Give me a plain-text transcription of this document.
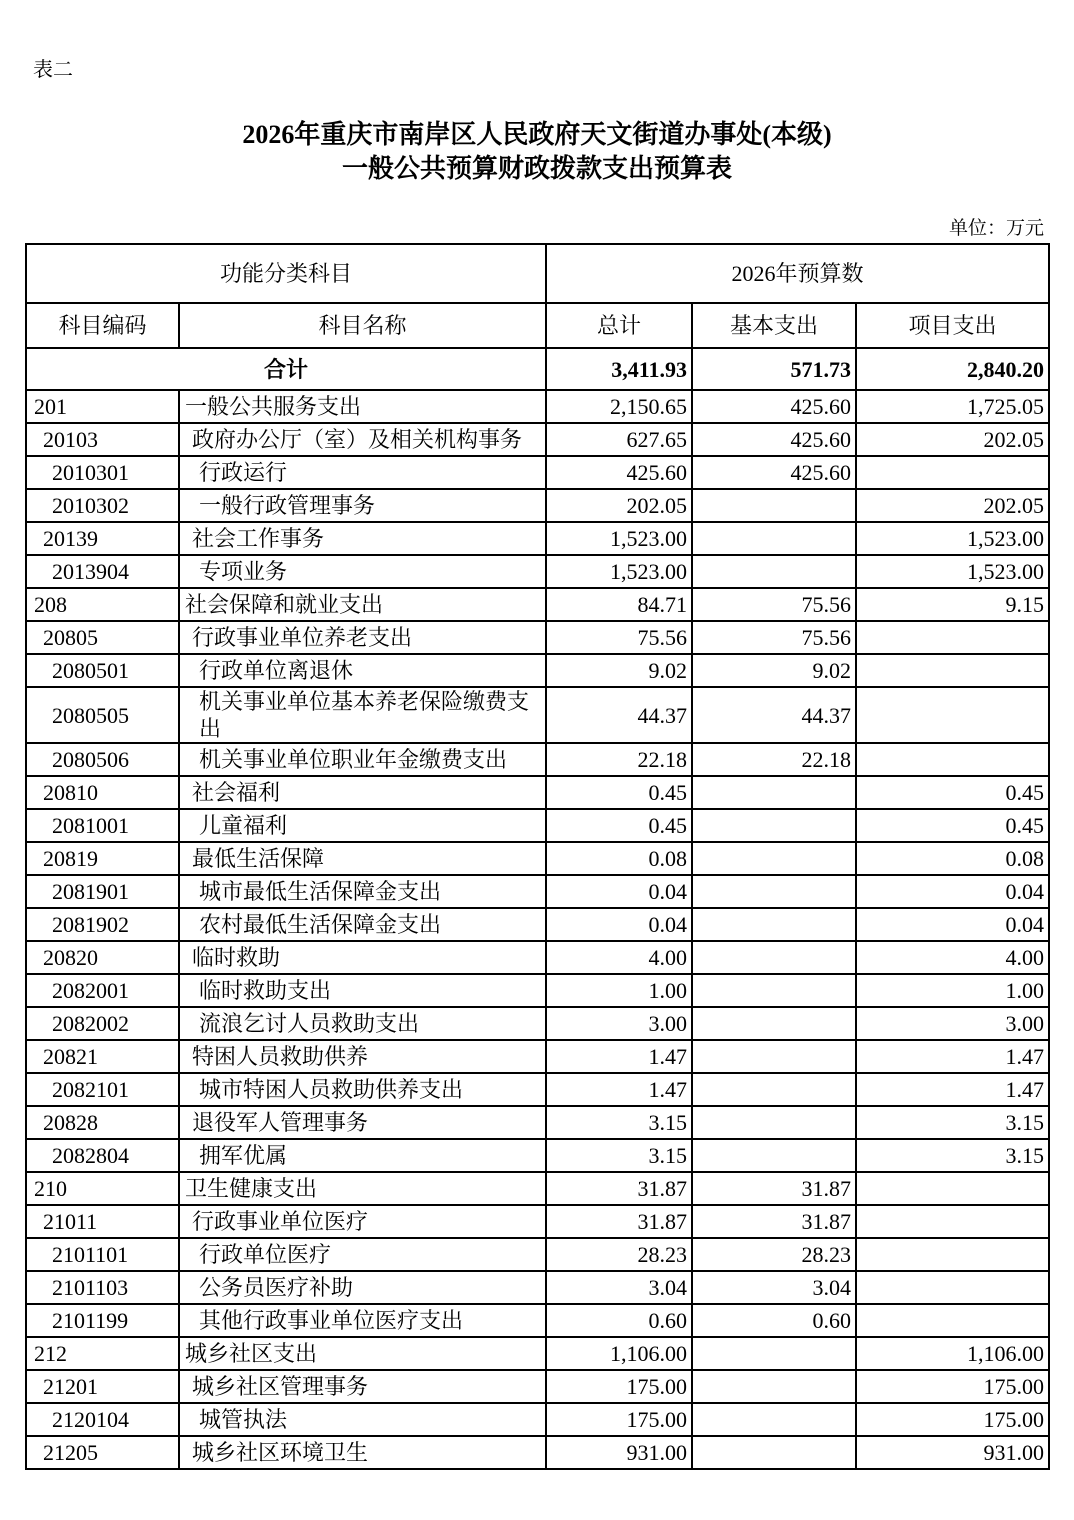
表二
2026年重庆市南岸区人民政府天文街道办事处(本级)
一般公共预算财政拨款支出预算表
单位：万元
功能分类科目		2026年预算数		
科目编码	科目名称	总计	基本支出	项目支出
合计		3,411.93	571.73	2,840.20
201	一般公共服务支出	2,150.65	425.60	1,725.05
20103	政府办公厅（室）及相关机构事务	627.65	425.60	202.05
2010301	行政运行	425.60	425.60	
2010302	一般行政管理事务	202.05		202.05
20139	社会工作事务	1,523.00		1,523.00
2013904	专项业务	1,523.00		1,523.00
208	社会保障和就业支出	84.71	75.56	9.15
20805	行政事业单位养老支出	75.56	75.56	
2080501	行政单位离退休	9.02	9.02	
2080505	机关事业单位基本养老保险缴费支出	44.37	44.37	
2080506	机关事业单位职业年金缴费支出	22.18	22.18	
20810	社会福利	0.45		0.45
2081001	儿童福利	0.45		0.45
20819	最低生活保障	0.08		0.08
2081901	城市最低生活保障金支出	0.04		0.04
2081902	农村最低生活保障金支出	0.04		0.04
20820	临时救助	4.00		4.00
2082001	临时救助支出	1.00		1.00
2082002	流浪乞讨人员救助支出	3.00		3.00
20821	特困人员救助供养	1.47		1.47
2082101	城市特困人员救助供养支出	1.47		1.47
20828	退役军人管理事务	3.15		3.15
2082804	拥军优属	3.15		3.15
210	卫生健康支出	31.87	31.87	
21011	行政事业单位医疗	31.87	31.87	
2101101	行政单位医疗	28.23	28.23	
2101103	公务员医疗补助	3.04	3.04	
2101199	其他行政事业单位医疗支出	0.60	0.60	
212	城乡社区支出	1,106.00		1,106.00
21201	城乡社区管理事务	175.00		175.00
2120104	城管执法	175.00		175.00
21205	城乡社区环境卫生	931.00		931.00
